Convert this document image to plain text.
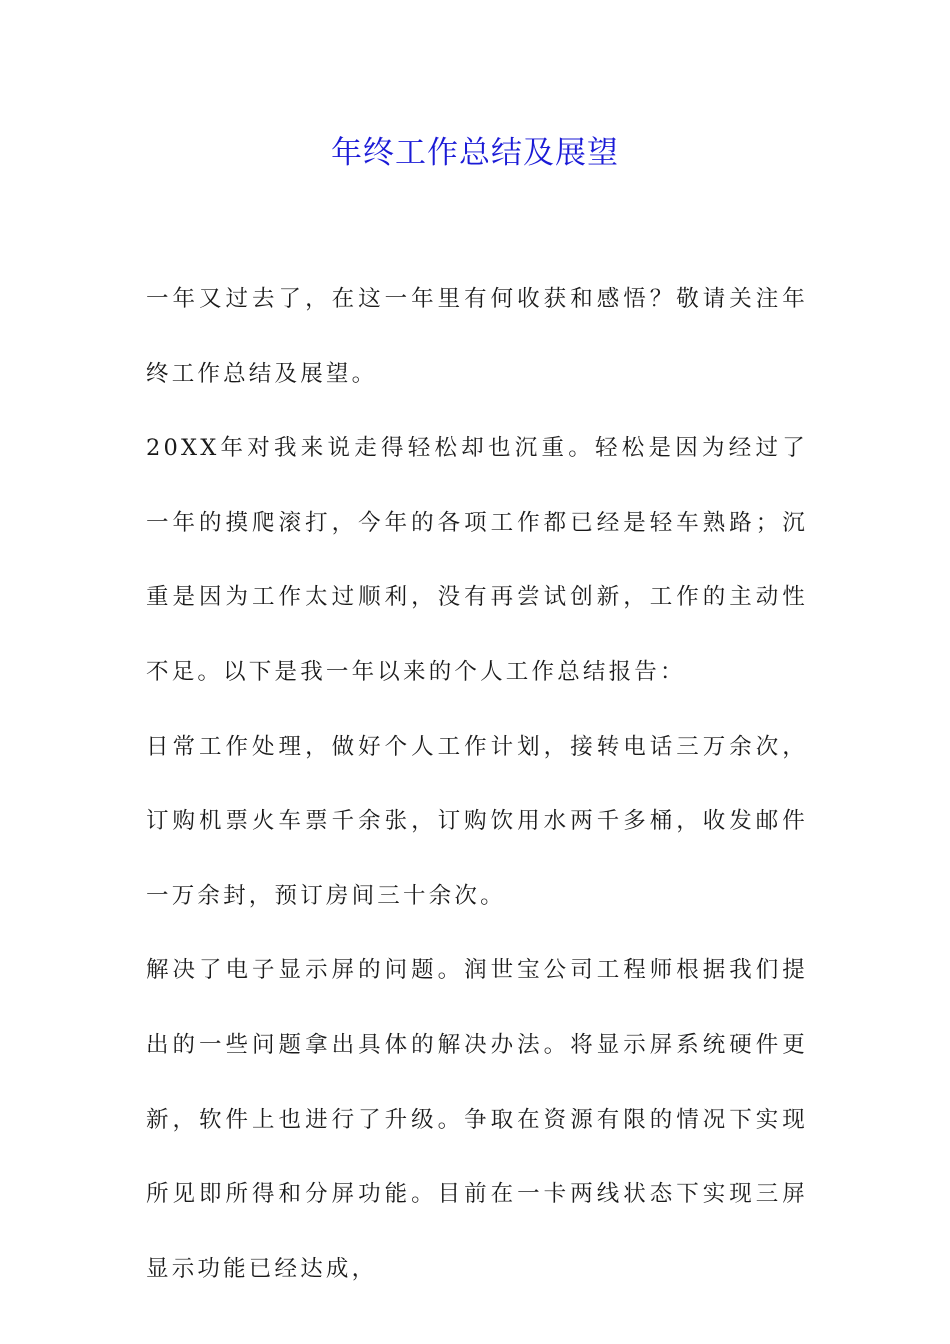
年终工作总结及展望

一年又过去了，在这一年里有何收获和感悟？敬请关注年终工作总结及展望。

20XX年对我来说走得轻松却也沉重。轻松是因为经过了一年的摸爬滚打，今年的各项工作都已经是轻车熟路；沉重是因为工作太过顺利，没有再尝试创新，工作的主动性不足。以下是我一年以来的个人工作总结报告：

日常工作处理，做好个人工作计划，接转电话三万余次，订购机票火车票千余张，订购饮用水两千多桶，收发邮件一万余封，预订房间三十余次。

解决了电子显示屏的问题。润世宝公司工程师根据我们提出的一些问题拿出具体的解决办法。将显示屏系统硬件更新，软件上也进行了升级。争取在资源有限的情况下实现所见即所得和分屏功能。目前在一卡两线状态下实现三屏显示功能已经达成，
